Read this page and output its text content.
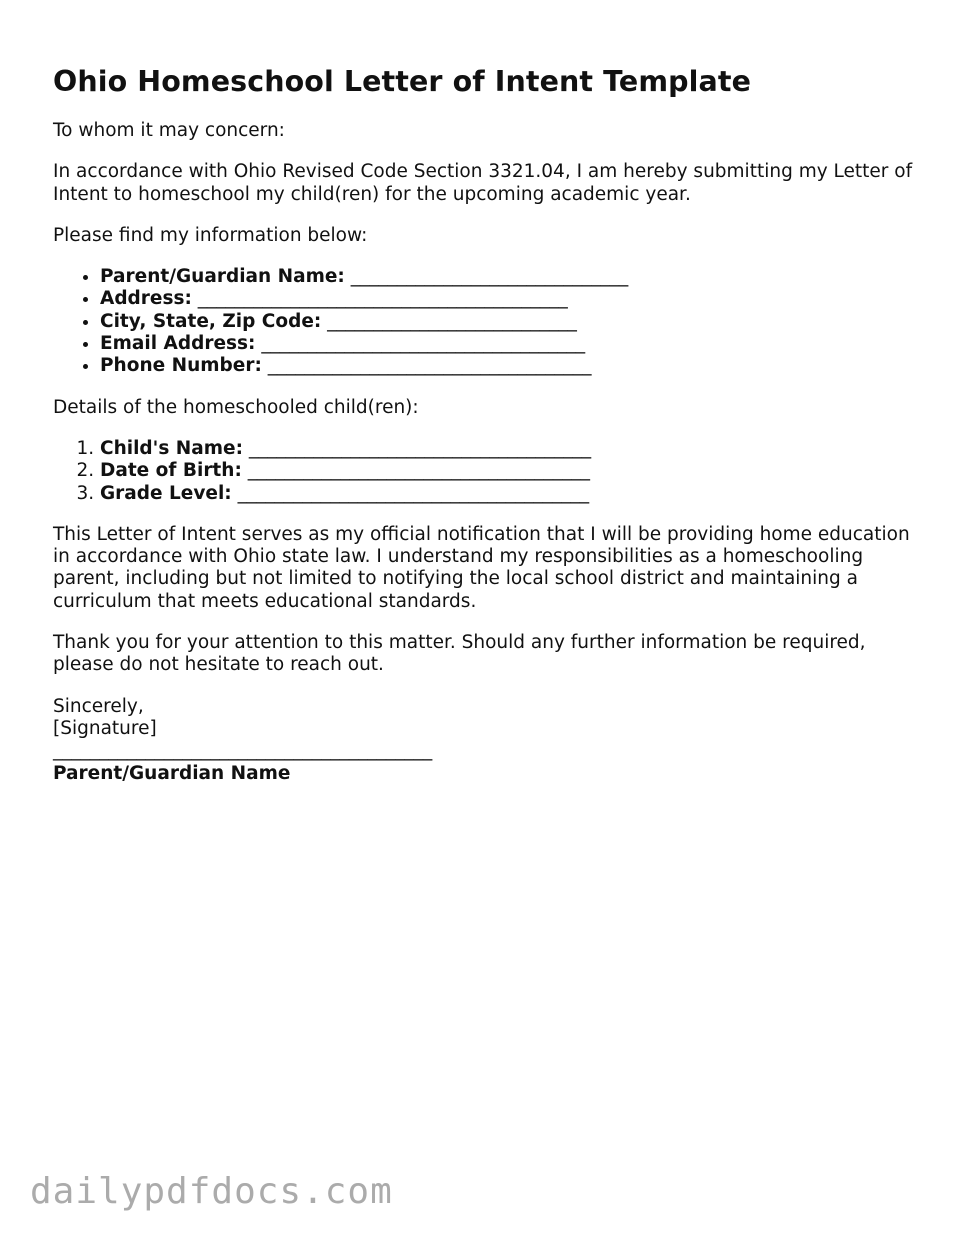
Ohio Homeschool Letter of Intent Template

To whom it may concern:

In accordance with Ohio Revised Code Section 3321.04, I am hereby submitting my Letter of Intent to homeschool my child(ren) for the upcoming academic year.

Please find my information below:

• Parent/Guardian Name: ______________________________
• Address: ________________________________________
• City, State, Zip Code: ___________________________
• Email Address: ___________________________________
• Phone Number: ___________________________________

Details of the homeschooled child(ren):

1. Child's Name: _____________________________________
2. Date of Birth: _____________________________________
3. Grade Level: ______________________________________

This Letter of Intent serves as my official notification that I will be providing home education in accordance with Ohio state law. I understand my responsibilities as a homeschooling parent, including but not limited to notifying the local school district and maintaining a curriculum that meets educational standards.

Thank you for your attention to this matter. Should any further information be required, please do not hesitate to reach out.

Sincerely,
[Signature]
_________________________________________
Parent/Guardian Name
dailypdfdocs.com
